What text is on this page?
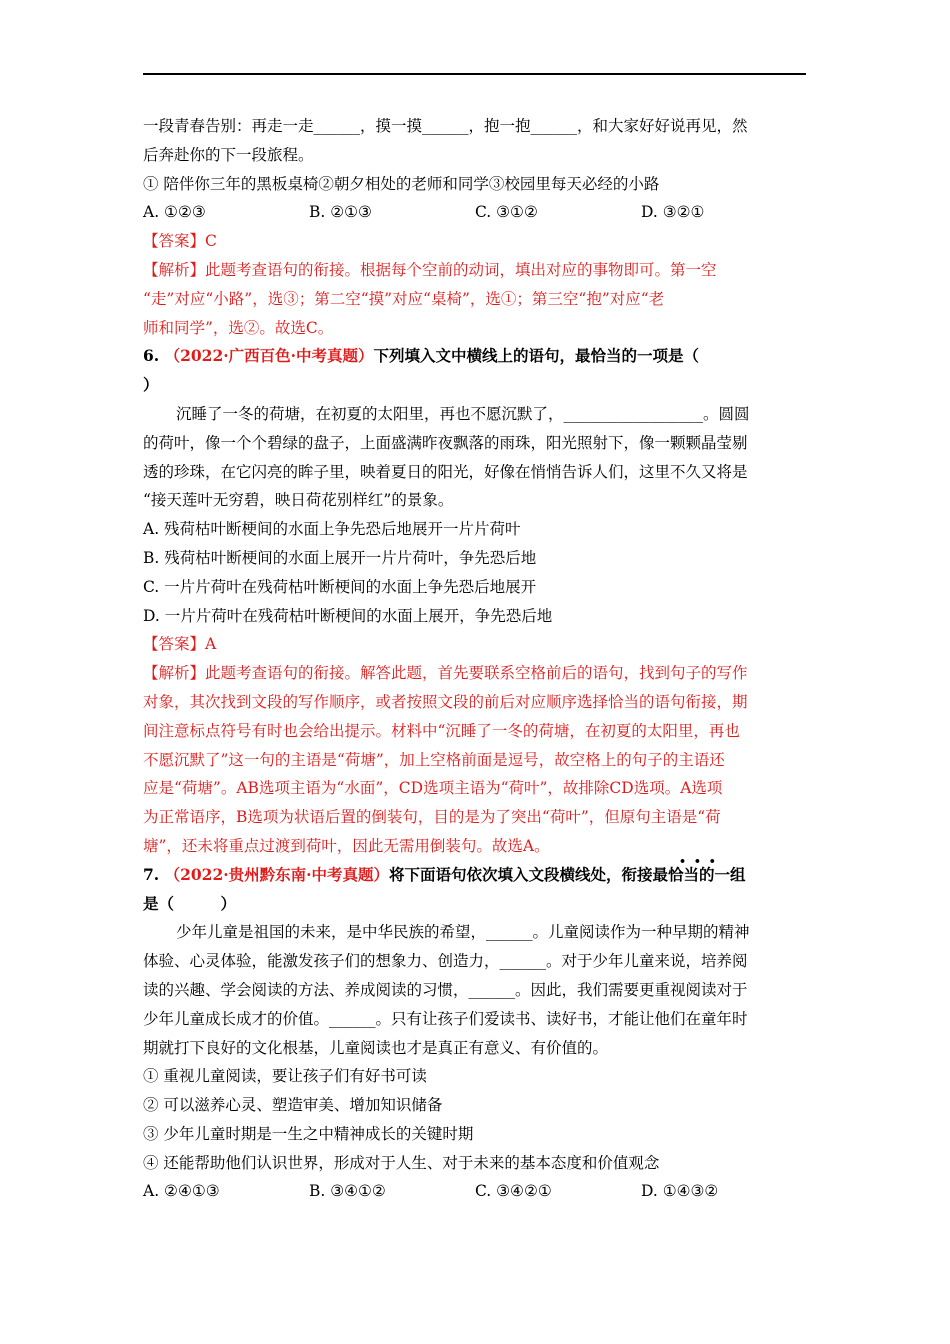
一段青春告别：再走一走______，摸一摸______，抱一抱______，和大家好好说再见，然
后奔赴你的下一段旅程。
① 陪伴你三年的黑板桌椅②朝夕相处的老师和同学③校园里每天必经的小路
A. ①②③	B. ②①③	C. ③①②	D. ③②①
【答案】C
【解析】此题考查语句的衔接。根据每个空前的动词，填出对应的事物即可。第一空
“走”对应“小路”，选③；第二空“摸”对应“桌椅”，选①；第三空“抱”对应“老
师和同学”，选②。故选C。
6. （2022·广西百色·中考真题）下列填入文中横线上的语句，最恰当的一项是（
）
沉睡了一冬的荷塘，在初夏的太阳里，再也不愿沉默了，__________________。圆圆
的荷叶，像一个个碧绿的盘子，上面盛满昨夜飘落的雨珠，阳光照射下，像一颗颗晶莹剔
透的珍珠，在它闪亮的眸子里，映着夏日的阳光，好像在悄悄告诉人们，这里不久又将是
“接天莲叶无穷碧，映日荷花别样红”的景象。
A. 残荷枯叶断梗间的水面上争先恐后地展开一片片荷叶
B. 残荷枯叶断梗间的水面上展开一片片荷叶，争先恐后地
C. 一片片荷叶在残荷枯叶断梗间的水面上争先恐后地展开
D. 一片片荷叶在残荷枯叶断梗间的水面上展开，争先恐后地
【答案】A
【解析】此题考查语句的衔接。解答此题，首先要联系空格前后的语句，找到句子的写作
对象，其次找到文段的写作顺序，或者按照文段的前后对应顺序选择恰当的语句衔接，期
间注意标点符号有时也会给出提示。材料中“沉睡了一冬的荷塘，在初夏的太阳里，再也
不愿沉默了”这一句的主语是“荷塘”，加上空格前面是逗号，故空格上的句子的主语还
应是“荷塘”。AB选项主语为“水面”，CD选项主语为“荷叶”，故排除CD选项。A选项
为正常语序，B选项为状语后置的倒装句，目的是为了突出“荷叶”，但原句主语是“荷
塘”，还未将重点过渡到荷叶，因此无需用倒装句。故选A。
7. （2022·贵州黔东南·中考真题）将下面语句依次填入文段横线处，衔接最恰当的一组
• • •
是（　　　）
少年儿童是祖国的未来，是中华民族的希望，______。儿童阅读作为一种早期的精神
体验、心灵体验，能激发孩子们的想象力、创造力，______。对于少年儿童来说，培养阅
读的兴趣、学会阅读的方法、养成阅读的习惯，______。因此，我们需要更重视阅读对于
少年儿童成长成才的价值。______。只有让孩子们爱读书、读好书，才能让他们在童年时
期就打下良好的文化根基，儿童阅读也才是真正有意义、有价值的。
① 重视儿童阅读，要让孩子们有好书可读
② 可以滋养心灵、塑造审美、增加知识储备
③ 少年儿童时期是一生之中精神成长的关键时期
④ 还能帮助他们认识世界，形成对于人生、对于未来的基本态度和价值观念
A. ②④①③	B. ③④①②	C. ③④②①	D. ①④③②
